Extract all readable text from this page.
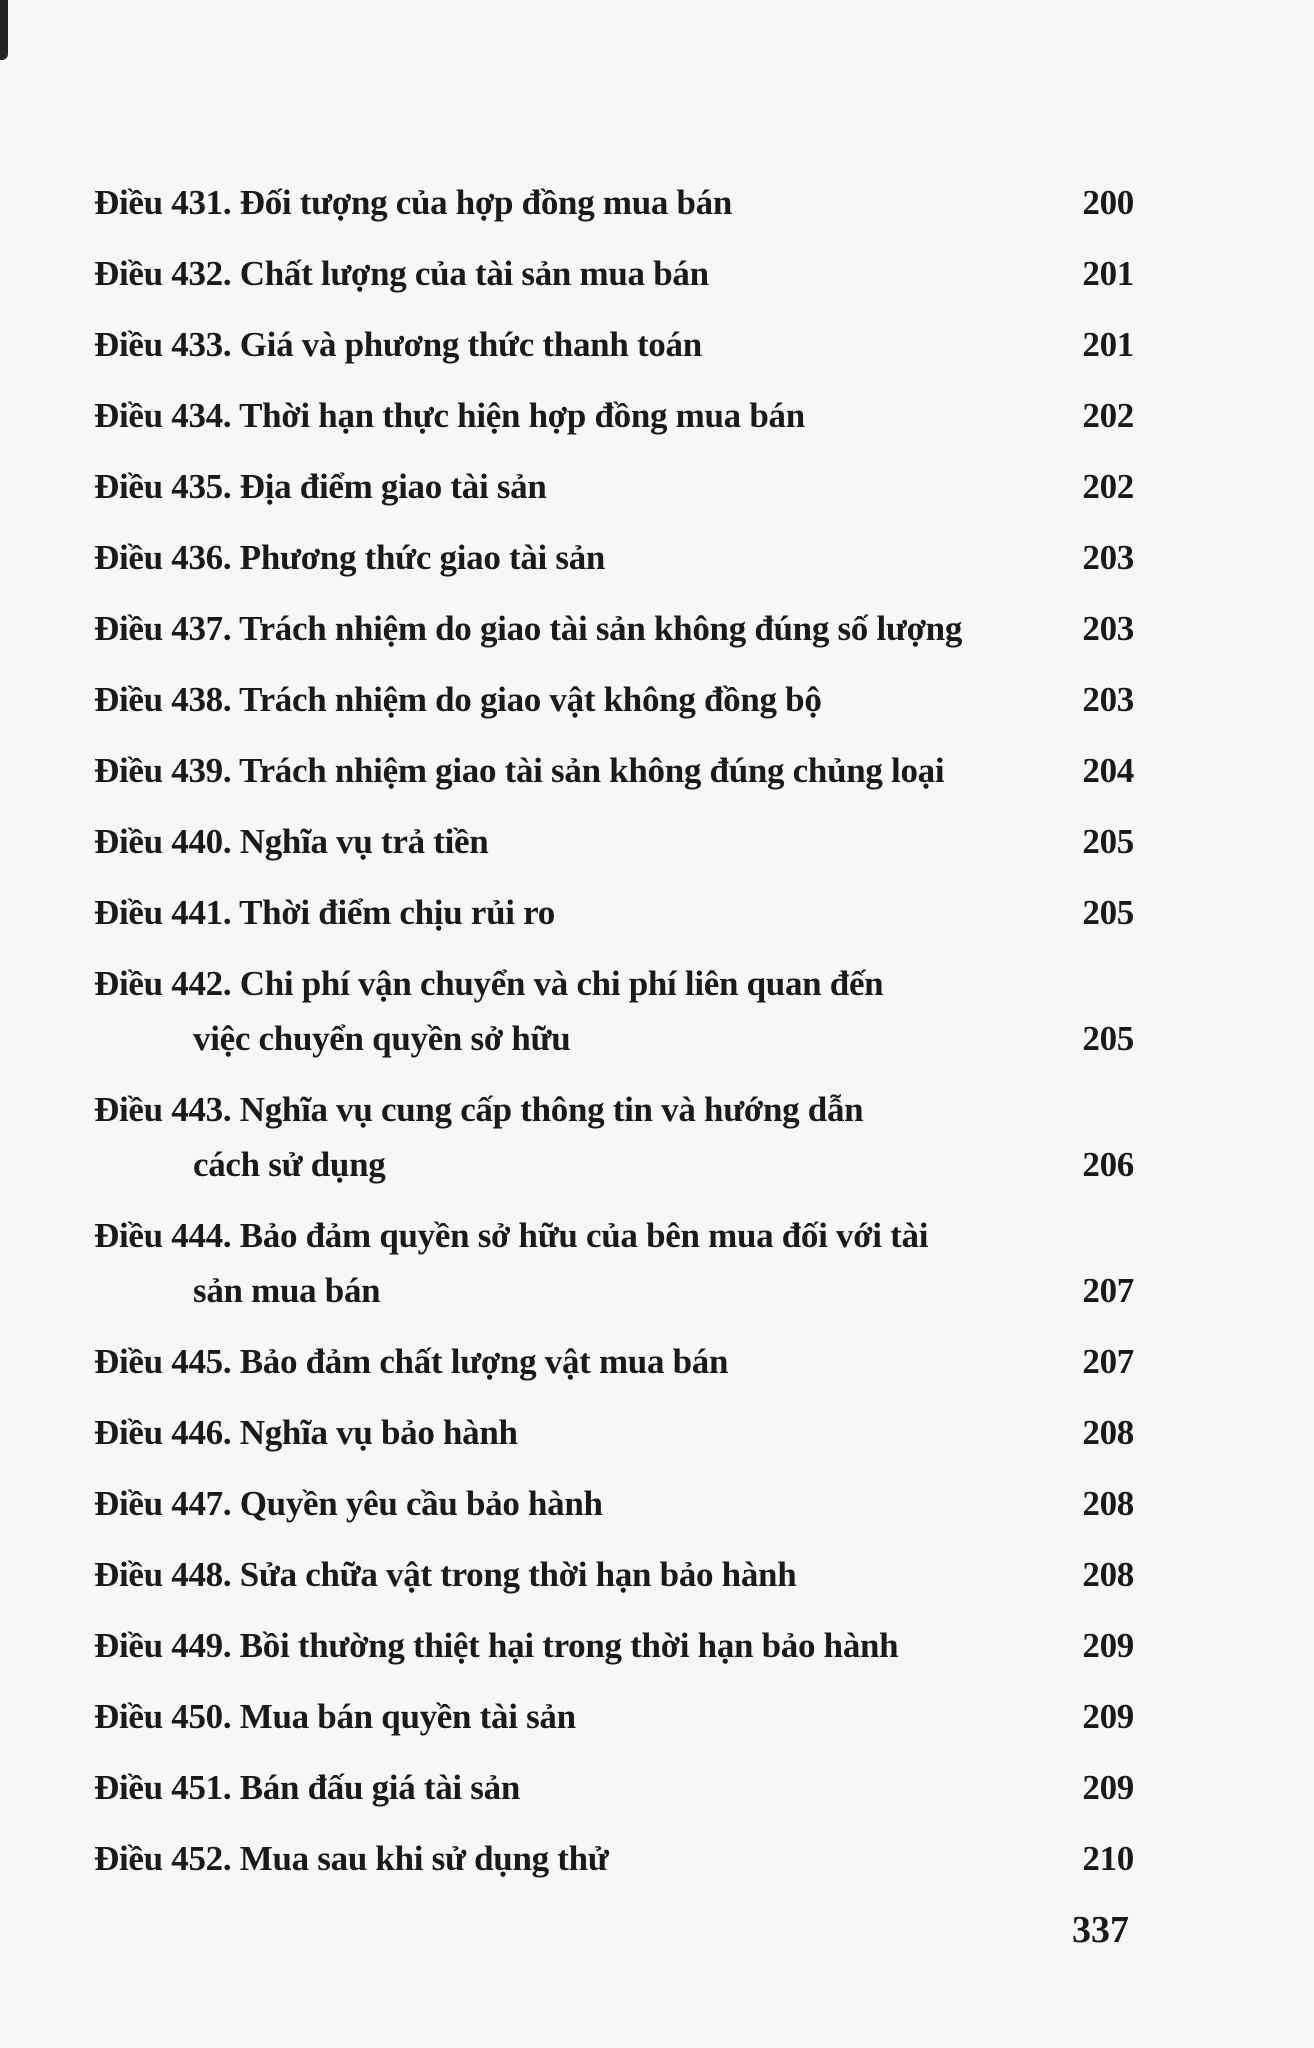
Điều 431. Đối tượng của hợp đồng mua bán	200
Điều 432. Chất lượng của tài sản mua bán	201
Điều 433. Giá và phương thức thanh toán	201
Điều 434. Thời hạn thực hiện hợp đồng mua bán	202
Điều 435. Địa điểm giao tài sản	202
Điều 436. Phương thức giao tài sản	203
Điều 437. Trách nhiệm do giao tài sản không đúng số lượng	203
Điều 438. Trách nhiệm do giao vật không đồng bộ	203
Điều 439. Trách nhiệm giao tài sản không đúng chủng loại	204
Điều 440. Nghĩa vụ trả tiền	205
Điều 441. Thời điểm chịu rủi ro	205
Điều 442. Chi phí vận chuyển và chi phí liên quan đến
việc chuyển quyền sở hữu	205
Điều 443. Nghĩa vụ cung cấp thông tin và hướng dẫn
cách sử dụng	206
Điều 444. Bảo đảm quyền sở hữu của bên mua đối với tài
sản mua bán	207
Điều 445. Bảo đảm chất lượng vật mua bán	207
Điều 446. Nghĩa vụ bảo hành	208
Điều 447. Quyền yêu cầu bảo hành	208
Điều 448. Sửa chữa vật trong thời hạn bảo hành	208
Điều 449. Bồi thường thiệt hại trong thời hạn bảo hành	209
Điều 450. Mua bán quyền tài sản	209
Điều 451. Bán đấu giá tài sản	209
Điều 452. Mua sau khi sử dụng thử	210
337
